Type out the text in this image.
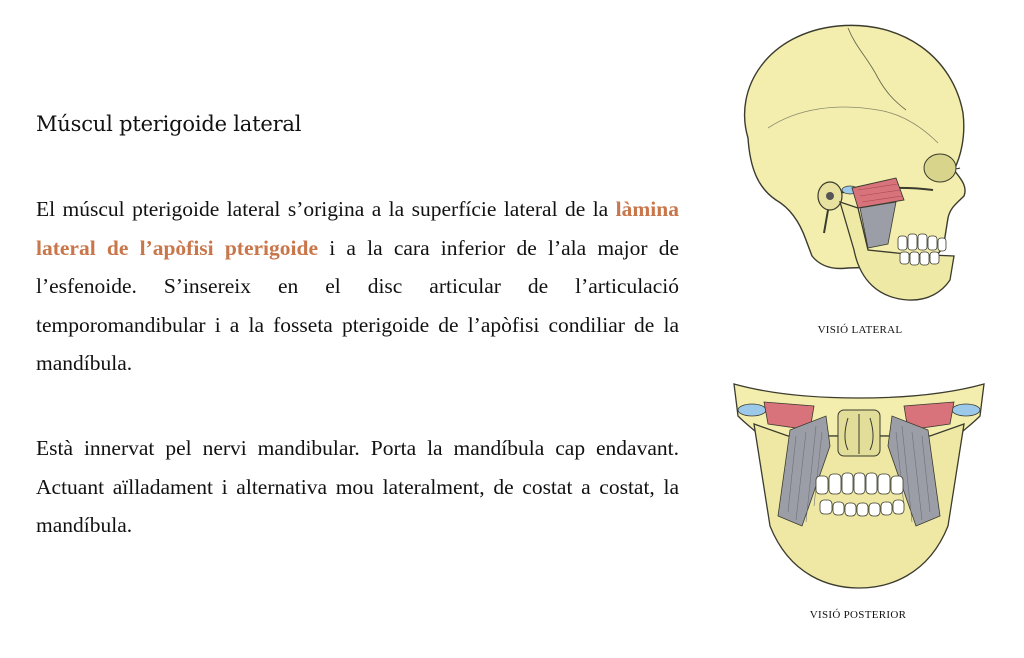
Múscul pterigoide lateral

El múscul pterigoide lateral s’origina a la superfície lateral de la làmina lateral de l’apòfisi pterigoide i a la cara inferior de l’ala major de l’esfenoide. S’insereix en el disc articular de l’articulació temporomandibular i a la fosseta pterigoide de l’apòfisi condiliar de la mandíbula.

Està innervat pel nervi mandibular. Porta la mandíbula cap endavant. Actuant aïlladament i alternativa mou lateralment, de costat a costat, la mandíbula.

VISIÓ LATERAL
VISIÓ POSTERIOR
